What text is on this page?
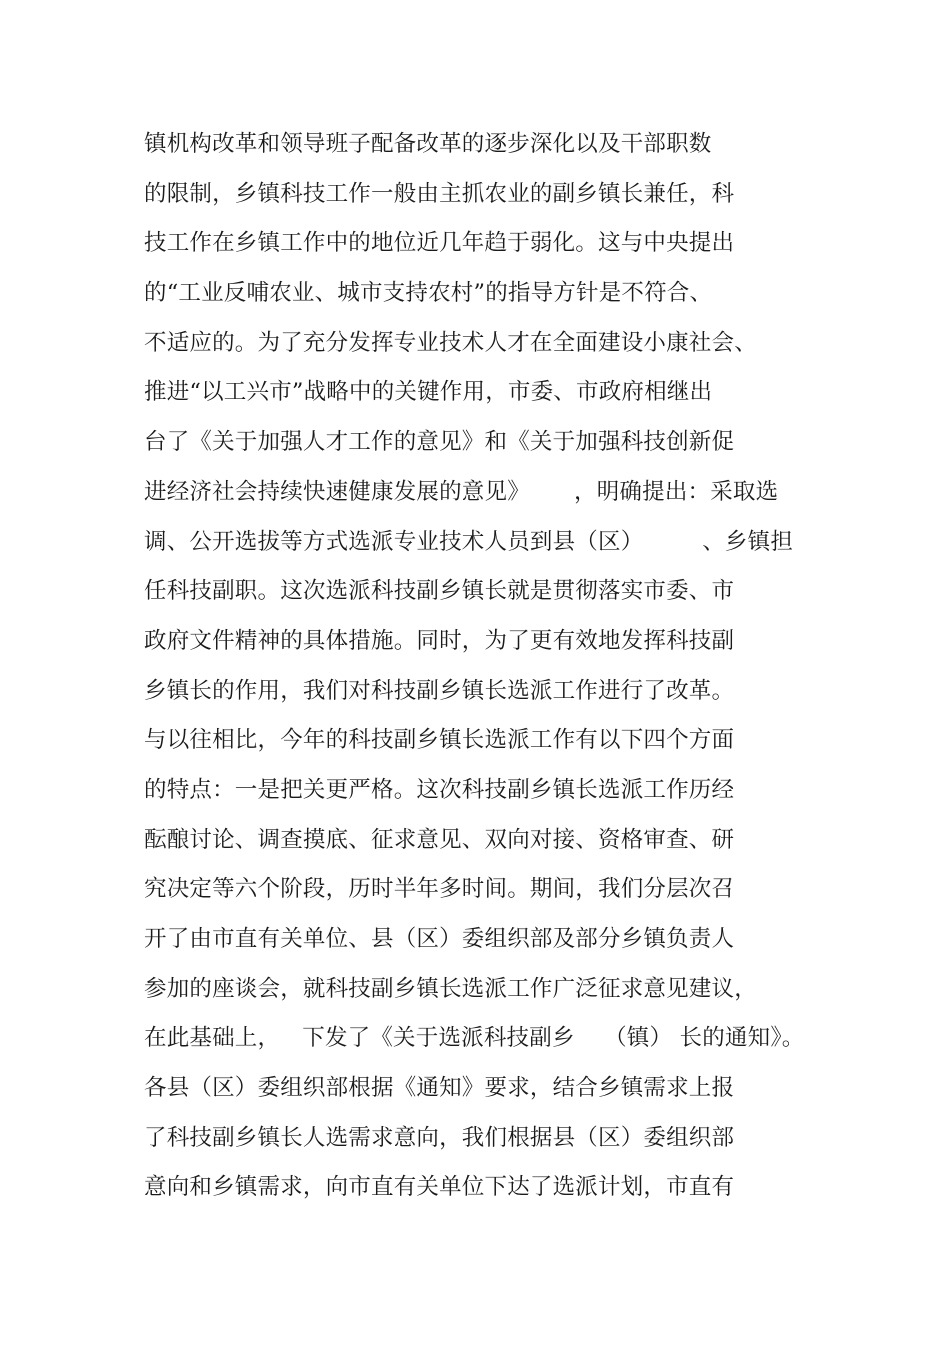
镇机构改革和领导班子配备改革的逐步深化以及干部职数
的限制，乡镇科技工作一般由主抓农业的副乡镇长兼任，科
技工作在乡镇工作中的地位近几年趋于弱化。这与中央提出
的“工业反哺农业、城市支持农村”的指导方针是不符合、
不适应的。为了充分发挥专业技术人才在全面建设小康社会、
推进“以工兴市”战略中的关键作用，市委、市政府相继出
台了《关于加强人才工作的意见》和《关于加强科技创新促
进经济社会持续快速健康发展的意见》      ，明确提出：采取选
调、公开选拔等方式选派专业技术人员到县（区）        、乡镇担
任科技副职。这次选派科技副乡镇长就是贯彻落实市委、市
政府文件精神的具体措施。同时，为了更有效地发挥科技副
乡镇长的作用，我们对科技副乡镇长选派工作进行了改革。
与以往相比，今年的科技副乡镇长选派工作有以下四个方面
的特点：一是把关更严格。这次科技副乡镇长选派工作历经
酝酿讨论、调查摸底、征求意见、双向对接、资格审查、研
究决定等六个阶段，历时半年多时间。期间，我们分层次召
开了由市直有关单位、县（区）委组织部及部分乡镇负责人
参加的座谈会，就科技副乡镇长选派工作广泛征求意见建议，
在此基础上，   下发了《关于选派科技副乡    （镇） 长的通知》。
各县（区）委组织部根据《通知》要求，结合乡镇需求上报
了科技副乡镇长人选需求意向，我们根据县（区）委组织部
意向和乡镇需求，向市直有关单位下达了选派计划，市直有
